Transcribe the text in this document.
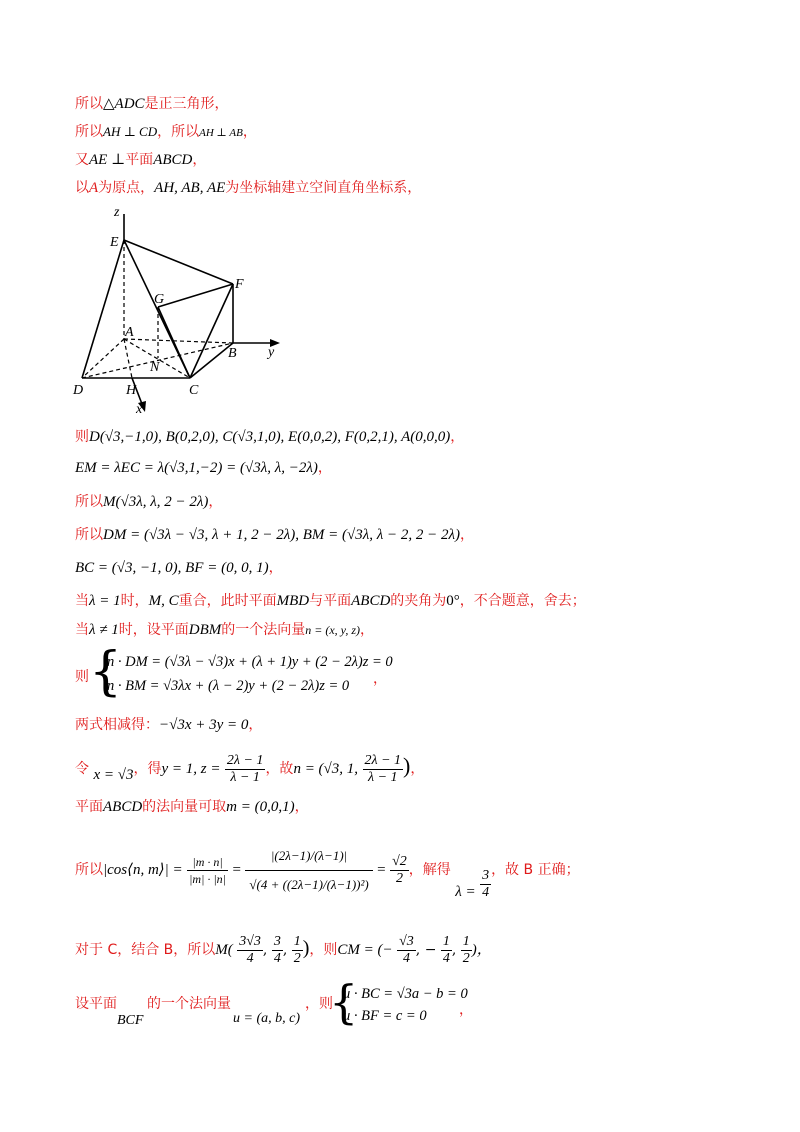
所以△ADC是正三角形，
所以AH ⊥ CD，所以AH ⊥ AB，
又AE ⊥平面ABCD，
以A为原点，AH, AB, AE为坐标轴建立空间直角坐标系，
z
E
F
G
A
B y
N
D	H	C
x
则D(√3,−1,0), B(0,2,0), C(√3,1,0), E(0,0,2), F(0,2,1), A(0,0,0)，
EM = λEC = λ(√3,1,−2) = (√3λ, λ, −2λ)，
所以M(√3λ, λ, 2 − 2λ)，
所以DM = (√3λ − √3, λ + 1, 2 − 2λ), BM = (√3λ, λ − 2, 2 − 2λ)，
BC = (√3, −1, 0), BF = (0, 0, 1)，
当λ = 1时，M, C重合，此时平面MBD与平面ABCD的夹角为0°，不合题意，舍去；
当λ ≠ 1时，设平面DBM的一个法向量n = (x, y, z)，
则 {
n · DM = (√3λ − √3)x + (λ + 1)y + (2 − 2λ)z = 0
n · BM = √3λx + (λ − 2)y + (2 − 2λ)z = 0	，
两式相减得：−√3x + 3y = 0，
令 x = √3，得y = 1, $z = \frac{2\lambda - 1}{\lambda - 1}$ ，故n = (√3, 1, $\frac{2\lambda - 1}{\lambda - 1}$ )，
平面ABCD的法向量可取m = (0,0,1)，
所以|cos⟨n, m⟩| = $\frac{|m \cdot n|}{|m| \cdot |n|} = \frac{|(2\lambda-1)/(\lambda-1)|}{\text{√(4 + ((2λ−1)/(λ−1))²)}} = \frac{√2}{2}$ ，解得 $\lambda = \frac{3}{4}$ ，故 B 正确；
对于 C，结合 B，所以$M( \frac{3√3}{4}$ , $\frac{3}{4}$ , $\frac{1}{2}$ )，则CM = (− $\frac{√3}{4}$ , − $\frac{1}{4}$ , $\frac{1}{2}$ )，
设平面
BCF
的一个法向量
u = (a, b, c)
，则
{
u · BC = √3a − b = 0
u · BF = c = 0	，
